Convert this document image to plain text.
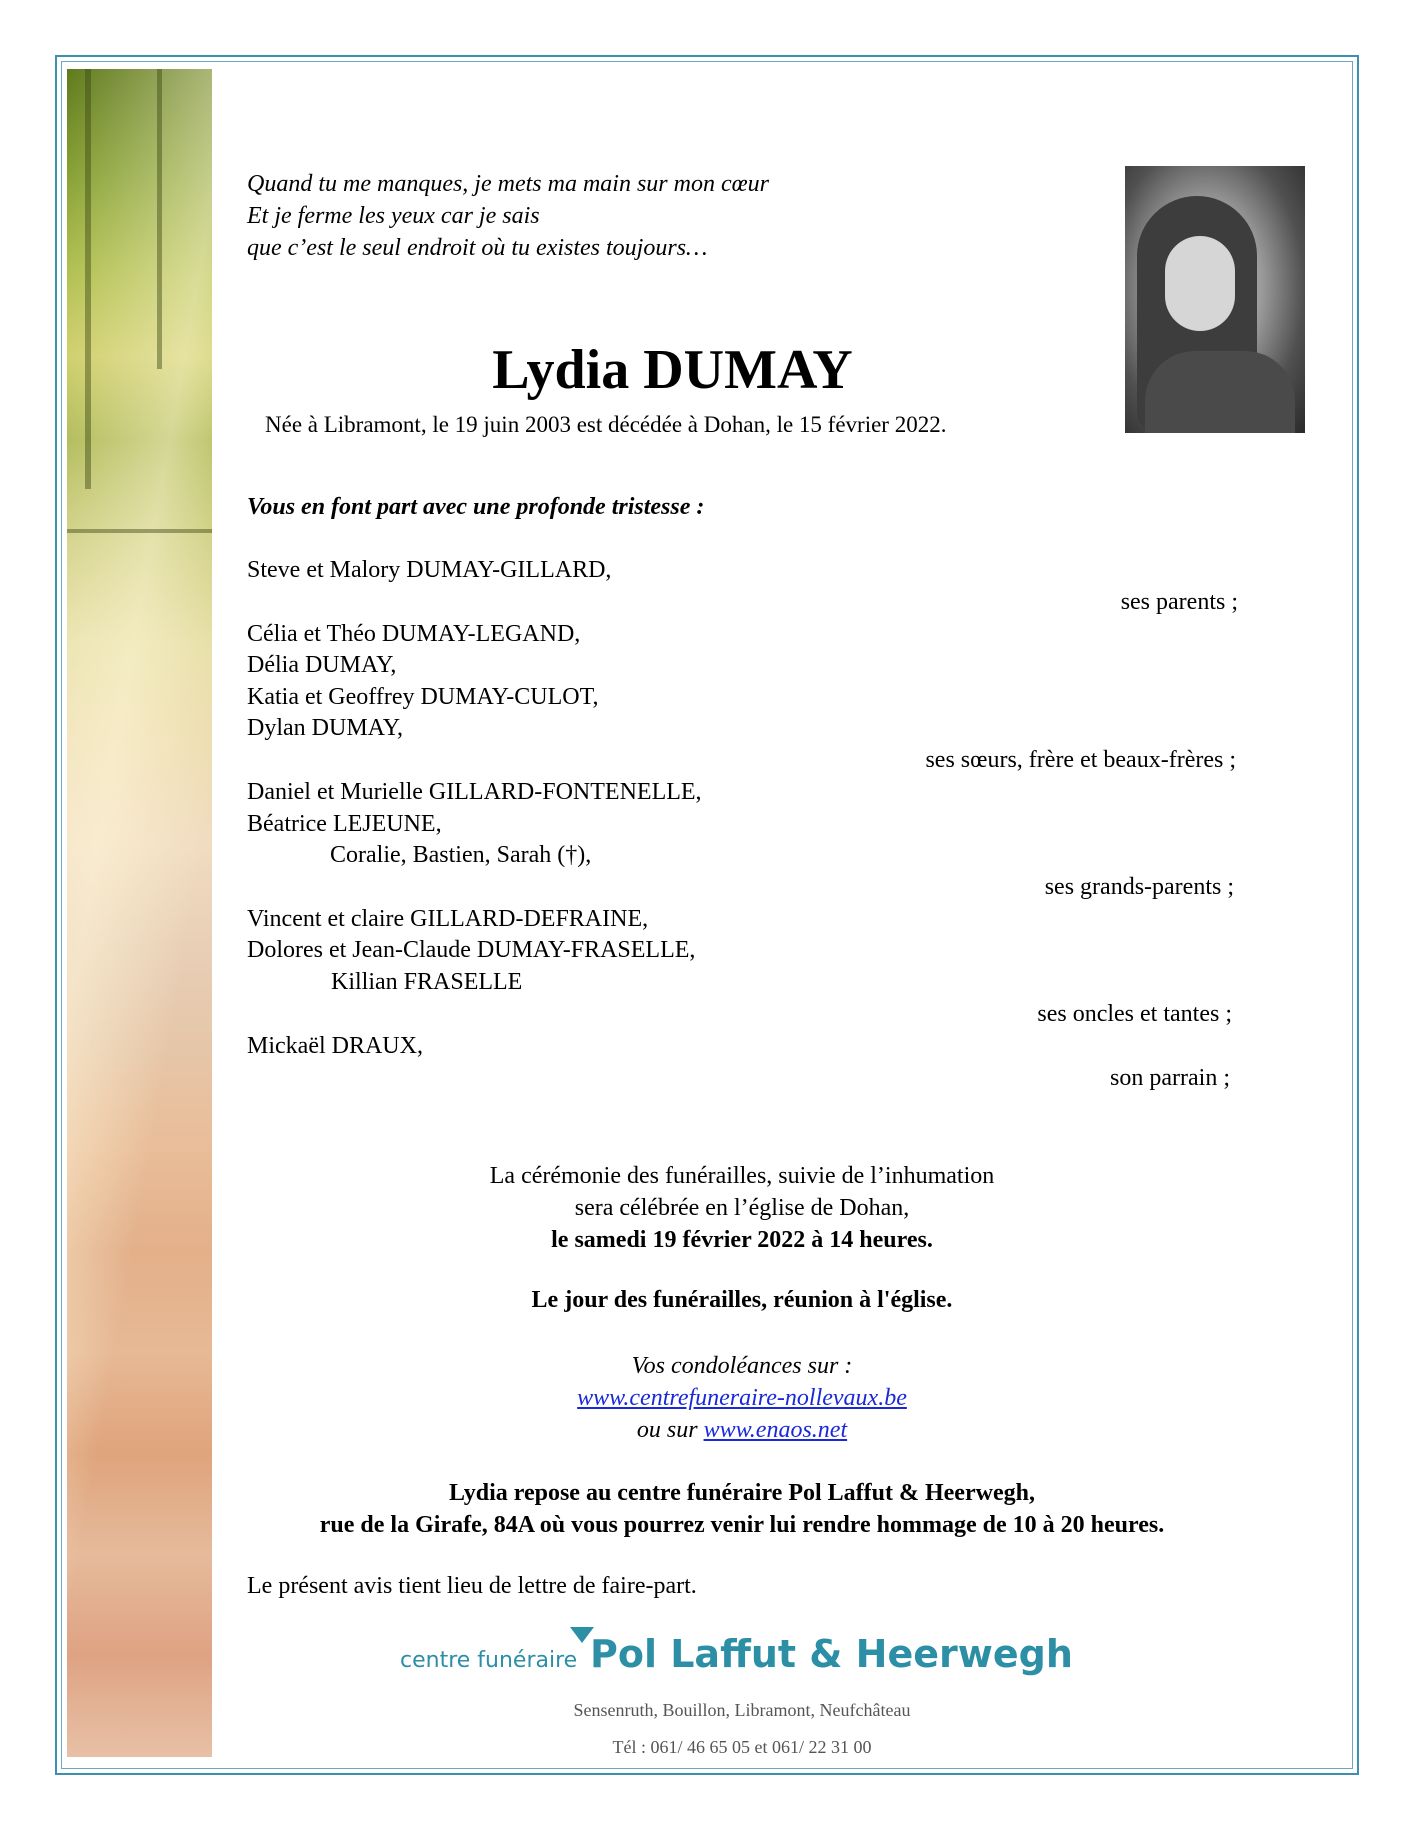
Quand tu me manques, je mets ma main sur mon cœur
Et je ferme les yeux car je sais
que c’est le seul endroit où tu existes toujours…
Lydia DUMAY
Née à Libramont, le 19 juin 2003 est décédée à Dohan, le 15 février 2022.
Vous en font part avec une profonde tristesse :
Steve et Malory DUMAY-GILLARD,
ses parents ;
Célia et Théo DUMAY-LEGAND,
Délia DUMAY,
Katia et Geoffrey DUMAY-CULOT,
Dylan DUMAY,
ses sœurs, frère et beaux-frères ;
Daniel et Murielle GILLARD-FONTENELLE,
Béatrice LEJEUNE,
Coralie, Bastien, Sarah (†),
ses grands-parents ;
Vincent et claire GILLARD-DEFRAINE,
Dolores et Jean-Claude DUMAY-FRASELLE,
Killian FRASELLE
ses oncles et tantes ;
Mickaël DRAUX,
son parrain ;
La cérémonie des funérailles, suivie de l’inhumation
sera célébrée en l’église de Dohan,
le samedi 19 février 2022 à 14 heures.
Le jour des funérailles, réunion à l'église.
Vos condoléances sur :
www.centrefuneraire-nollevaux.be
ou sur www.enaos.net
Lydia repose au centre funéraire Pol Laffut & Heerwegh,
rue de la Girafe, 84A où vous pourrez venir lui rendre hommage de 10 à 20 heures.
Le présent avis tient lieu de lettre de faire-part.
centre funéraire Pol Laffut & Heerwegh
Sensenruth, Bouillon, Libramont, Neufchâteau
Tél : 061/ 46 65 05 et 061/ 22 31 00
